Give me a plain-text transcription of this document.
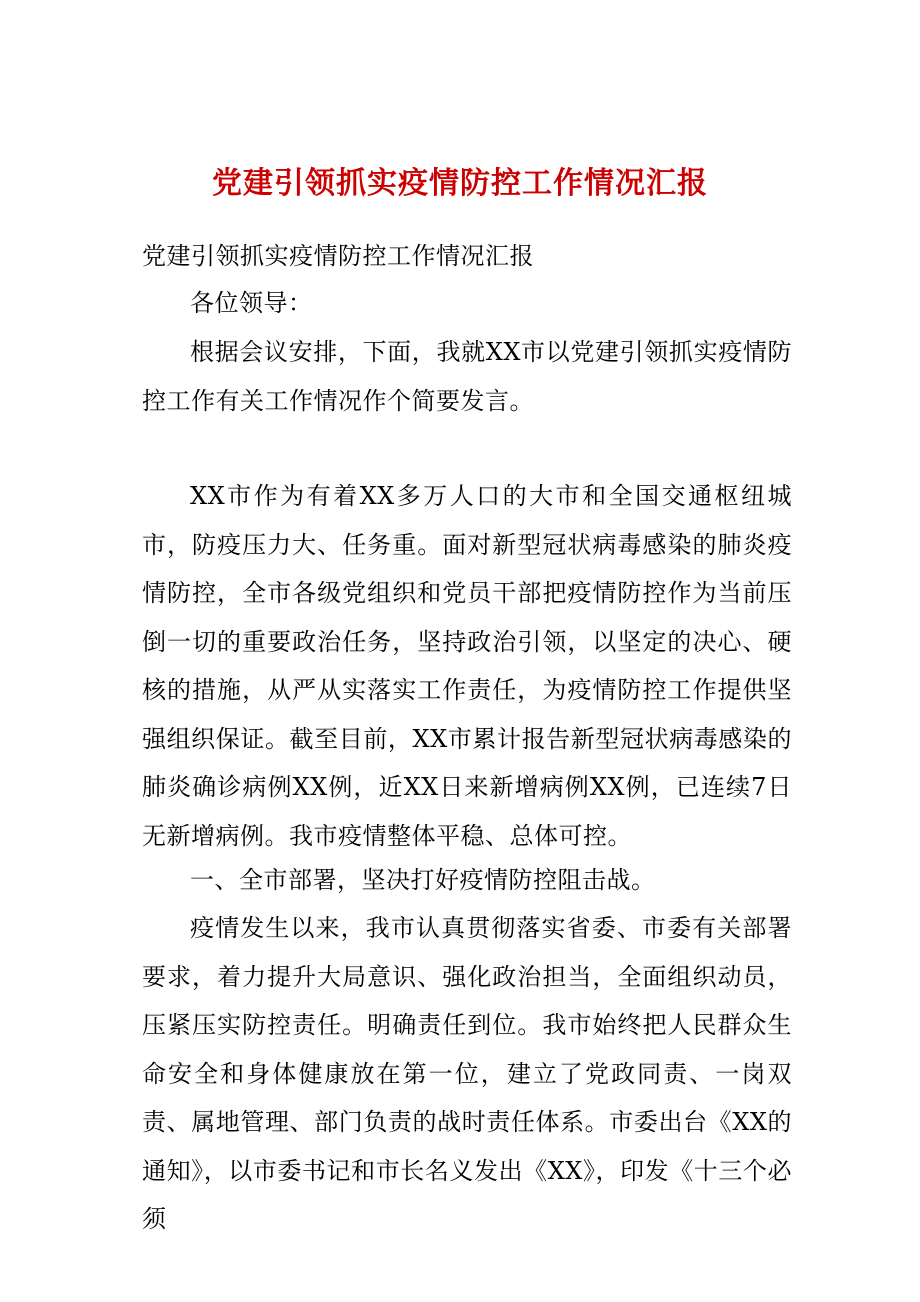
党建引领抓实疫情防控工作情况汇报

党建引领抓实疫情防控工作情况汇报

各位领导：

根据会议安排，下面，我就XX市以党建引领抓实疫情防控工作有关工作情况作个简要发言。

XX市作为有着XX多万人口的大市和全国交通枢纽城市，防疫压力大、任务重。面对新型冠状病毒感染的肺炎疫情防控，全市各级党组织和党员干部把疫情防控作为当前压倒一切的重要政治任务，坚持政治引领，以坚定的决心、硬核的措施，从严从实落实工作责任，为疫情防控工作提供坚强组织保证。截至目前，XX市累计报告新型冠状病毒感染的肺炎确诊病例XX例，近XX日来新增病例XX例，已连续7日无新增病例。我市疫情整体平稳、总体可控。

一、全市部署，坚决打好疫情防控阻击战。

疫情发生以来，我市认真贯彻落实省委、市委有关部署要求，着力提升大局意识、强化政治担当，全面组织动员，压紧压实防控责任。明确责任到位。我市始终把人民群众生命安全和身体健康放在第一位，建立了党政同责、一岗双责、属地管理、部门负责的战时责任体系。市委出台《XX的通知》，以市委书记和市长名义发出《XX》，印发《十三个必须
